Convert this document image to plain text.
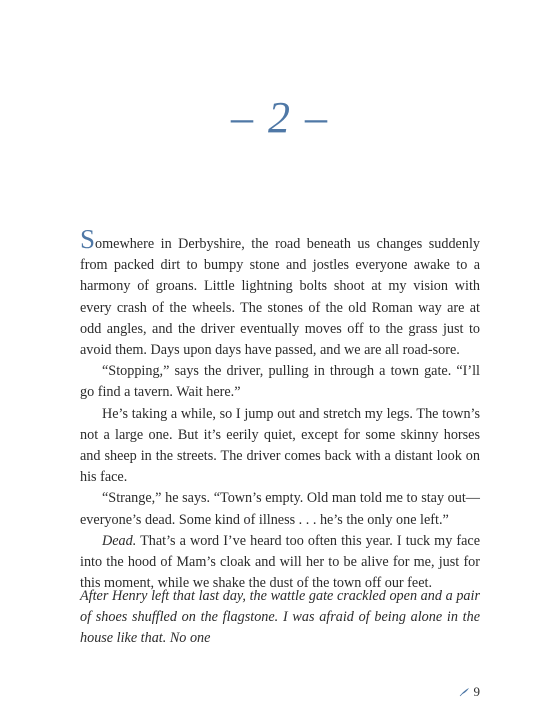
– 2 –

Somewhere in Derbyshire, the road beneath us changes suddenly from packed dirt to bumpy stone and jostles everyone awake to a harmony of groans. Little lightning bolts shoot at my vision with every crash of the wheels. The stones of the old Roman way are at odd angles, and the driver eventually moves off to the grass just to avoid them. Days upon days have passed, and we are all road-sore.

“Stopping,” says the driver, pulling in through a town gate. “I’ll go find a tavern. Wait here.”

He’s taking a while, so I jump out and stretch my legs. The town’s not a large one. But it’s eerily quiet, except for some skinny horses and sheep in the streets. The driver comes back with a distant look on his face.

“Strange,” he says. “Town’s empty. Old man told me to stay out—everyone’s dead. Some kind of illness . . . he’s the only one left.”

Dead. That’s a word I’ve heard too often this year. I tuck my face into the hood of Mam’s cloak and will her to be alive for me, just for this moment, while we shake the dust of the town off our feet.

After Henry left that last day, the wattle gate crackled open and a pair of shoes shuffled on the flagstone. I was afraid of being alone in the house like that. No one

9
